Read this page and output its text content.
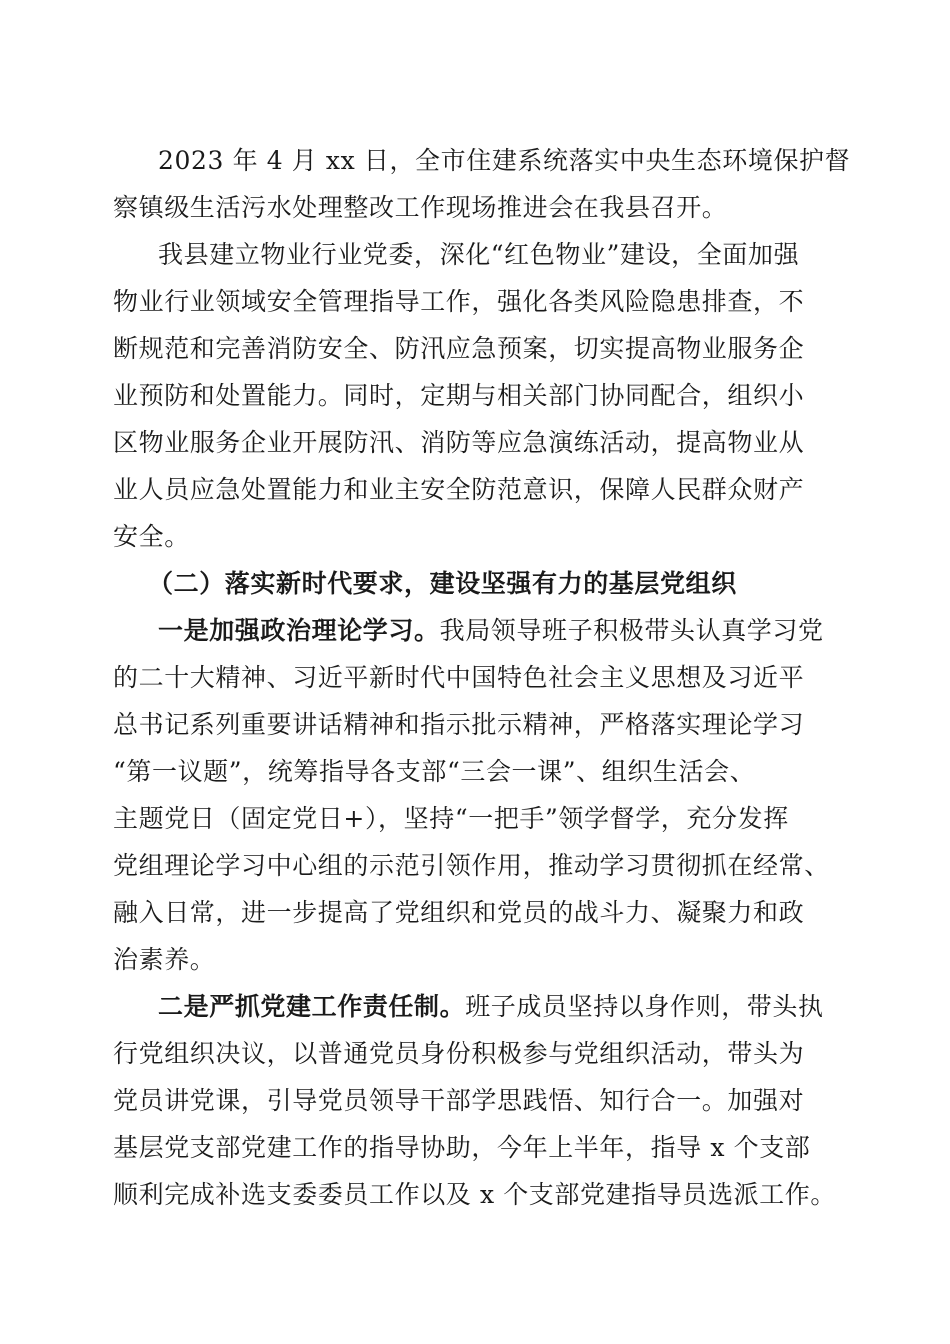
2023 年 4 月 xx 日，全市住建系统落实中央生态环境保护督

察镇级生活污水处理整改工作现场推进会在我县召开。

我县建立物业行业党委，深化“红色物业”建设，全面加强

物业行业领域安全管理指导工作，强化各类风险隐患排查，不

断规范和完善消防安全、防汛应急预案，切实提高物业服务企

业预防和处置能力。同时，定期与相关部门协同配合，组织小

区物业服务企业开展防汛、消防等应急演练活动，提高物业从

业人员应急处置能力和业主安全防范意识，保障人民群众财产

安全。

（二）落实新时代要求，建设坚强有力的基层党组织

一是加强政治理论学习。我局领导班子积极带头认真学习党

的二十大精神、习近平新时代中国特色社会主义思想及习近平

总书记系列重要讲话精神和指示批示精神，严格落实理论学习

“第一议题”，统筹指导各支部“三会一课”、组织生活会、

主题党日（固定党日+），坚持“一把手”领学督学，充分发挥

党组理论学习中心组的示范引领作用，推动学习贯彻抓在经常、

融入日常，进一步提高了党组织和党员的战斗力、凝聚力和政

治素养。

二是严抓党建工作责任制。班子成员坚持以身作则，带头执

行党组织决议，以普通党员身份积极参与党组织活动，带头为

党员讲党课，引导党员领导干部学思践悟、知行合一。加强对

基层党支部党建工作的指导协助，今年上半年，指导 x 个支部

顺利完成补选支委委员工作以及 x 个支部党建指导员选派工作。
